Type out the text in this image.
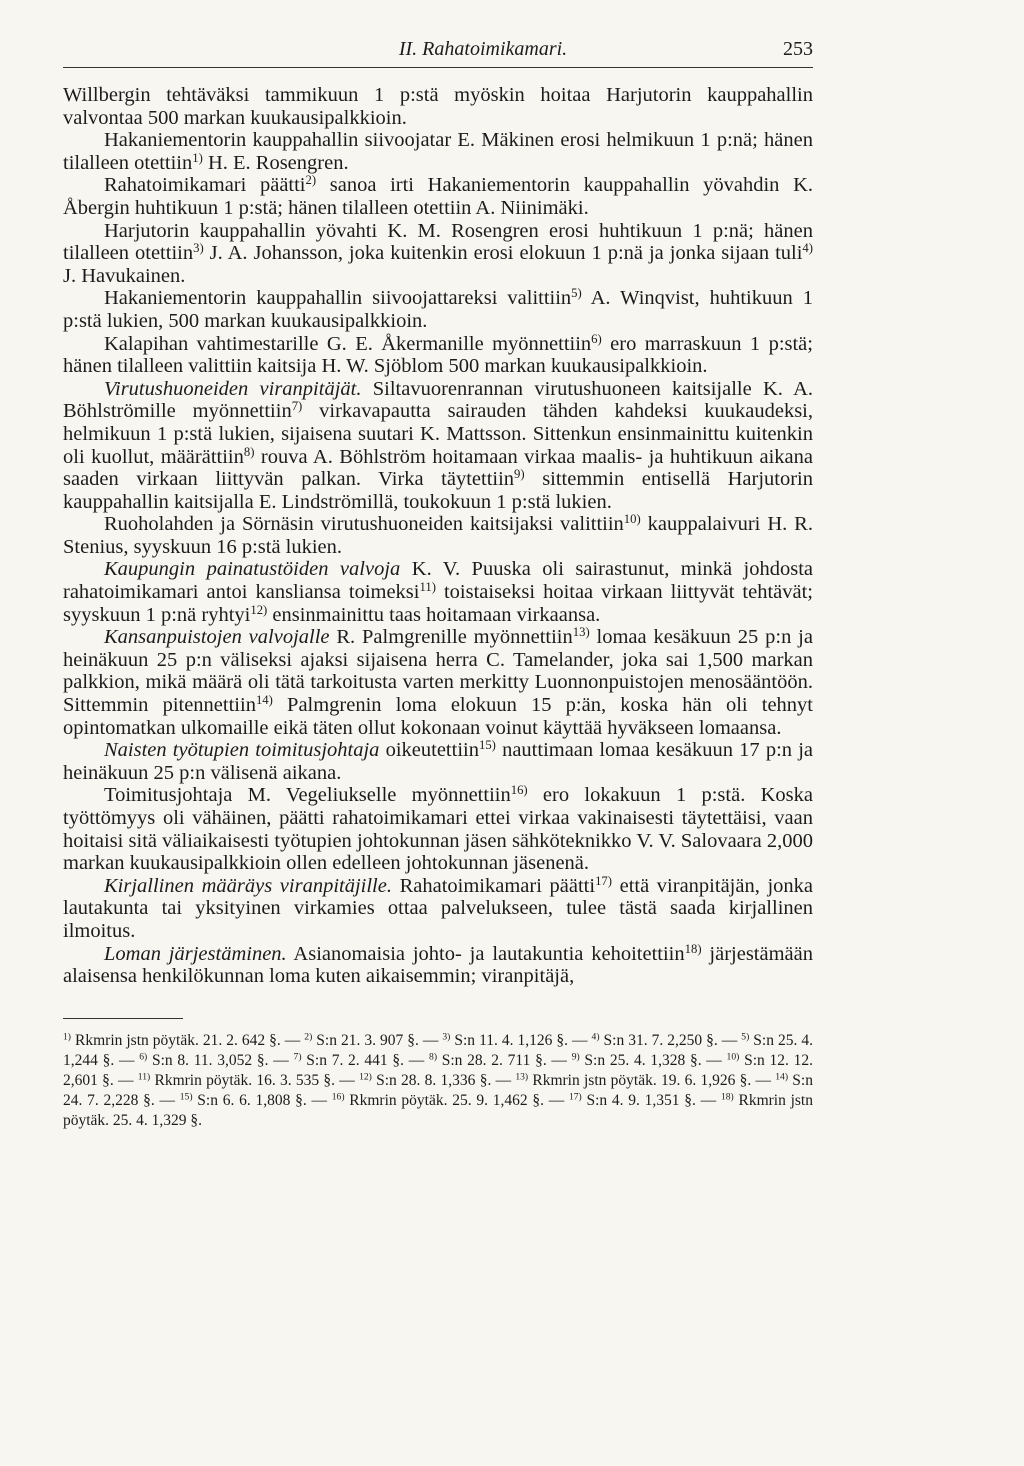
II. Rahatoimikamari.	253

Willbergin tehtäväksi tammikuun 1 p:stä myöskin hoitaa Harjutorin kauppahallin valvontaa 500 markan kuukausipalkkioin.

Hakaniementorin kauppahallin siivoojatar E. Mäkinen erosi helmikuun 1 p:nä; hänen tilalleen otettiin$^{1)}$ H. E. Rosengren.

Rahatoimikamari päätti$^{2)}$ sanoa irti Hakaniementorin kauppahallin yövahdin K. Åbergin huhtikuun 1 p:stä; hänen tilalleen otettiin A. Niinimäki.

Harjutorin kauppahallin yövahti K. M. Rosengren erosi huhtikuun 1 p:nä; hänen tilalleen otettiin$^{3)}$ J. A. Johansson, joka kuitenkin erosi elokuun 1 p:nä ja jonka sijaan tuli$^{4)}$ J. Havukainen.

Hakaniementorin kauppahallin siivoojattareksi valittiin$^{5)}$ A. Winqvist, huhtikuun 1 p:stä lukien, 500 markan kuukausipalkkioin.

Kalapihan vahtimestarille G. E. Åkermanille myönnettiin$^{6)}$ ero marraskuun 1 p:stä; hänen tilalleen valittiin kaitsija H. W. Sjöblom 500 markan kuukausipalkkioin.

Virutushuoneiden viranpitäjät. Siltavuorenrannan virutushuoneen kaitsijalle K. A. Böhlströmille myönnettiin$^{7)}$ virkavapautta sairauden tähden kahdeksi kuukaudeksi, helmikuun 1 p:stä lukien, sijaisena suutari K. Mattsson. Sittenkun ensinmainittu kuitenkin oli kuollut, määrättiin$^{8)}$ rouva A. Böhlström hoitamaan virkaa maalis- ja huhtikuun aikana saaden virkaan liittyvän palkan. Virka täytettiin$^{9)}$ sittemmin entisellä Harjutorin kauppahallin kaitsijalla E. Lindströmillä, toukokuun 1 p:stä lukien.

Ruoholahden ja Sörnäsin virutushuoneiden kaitsijaksi valittiin$^{10)}$ kauppalaivuri H. R. Stenius, syyskuun 16 p:stä lukien.

Kaupungin painatustöiden valvoja K. V. Puuska oli sairastunut, minkä johdosta rahatoimikamari antoi kansliansa toimeksi$^{11)}$ toistaiseksi hoitaa virkaan liittyvät tehtävät; syyskuun 1 p:nä ryhtyi$^{12)}$ ensinmainittu taas hoitamaan virkaansa.

Kansanpuistojen valvojalle R. Palmgrenille myönnettiin$^{13)}$ lomaa kesäkuun 25 p:n ja heinäkuun 25 p:n väliseksi ajaksi sijaisena herra C. Tamelander, joka sai 1,500 markan palkkion, mikä määrä oli tätä tarkoitusta varten merkitty Luonnonpuistojen menosääntöön. Sittemmin pitennettiin$^{14)}$ Palmgrenin loma elokuun 15 p:än, koska hän oli tehnyt opintomatkan ulkomaille eikä täten ollut kokonaan voinut käyttää hyväkseen lomaansa.

Naisten työtupien toimitusjohtaja oikeutettiin$^{15)}$ nauttimaan lomaa kesäkuun 17 p:n ja heinäkuun 25 p:n välisenä aikana.

Toimitusjohtaja M. Vegeliukselle myönnettiin$^{16)}$ ero lokakuun 1 p:stä. Koska työttömyys oli vähäinen, päätti rahatoimikamari ettei virkaa vakinaisesti täytettäisi, vaan hoitaisi sitä väliaikaisesti työtupien johtokunnan jäsen sähköteknikko V. V. Salovaara 2,000 markan kuukausipalkkioin ollen edelleen johtokunnan jäsenenä.

Kirjallinen määräys viranpitäjille. Rahatoimikamari päätti$^{17)}$ että viranpitäjän, jonka lautakunta tai yksityinen virkamies ottaa palvelukseen, tulee tästä saada kirjallinen ilmoitus.

Loman järjestäminen. Asianomaisia johto- ja lautakuntia kehoitettiin$^{18)}$ järjestämään alaisensa henkilökunnan loma kuten aikaisemmin; viranpitäjä,

$^{1)}$ Rkmrin jstn pöytäk. 21. 2. 642 §. — $^{2)}$ S:n 21. 3. 907 §. — $^{3)}$ S:n 11. 4. 1,126 §. — $^{4)}$ S:n 31. 7. 2,250 §. — $^{5)}$ S:n 25. 4. 1,244 §. — $^{6)}$ S:n 8. 11. 3,052 §. — $^{7)}$ S:n 7. 2. 441 §. — $^{8)}$ S:n 28. 2. 711 §. — $^{9)}$ S:n 25. 4. 1,328 §. — $^{10)}$ S:n 12. 12. 2,601 §. — $^{11)}$ Rkmrin pöytäk. 16. 3. 535 §. — $^{12)}$ S:n 28. 8. 1,336 §. — $^{13)}$ Rkmrin jstn pöytäk. 19. 6. 1,926 §. — $^{14)}$ S:n 24. 7. 2,228 §. — $^{15)}$ S:n 6. 6. 1,808 §. — $^{16)}$ Rkmrin pöytäk. 25. 9. 1,462 §. — $^{17)}$ S:n 4. 9. 1,351 §. — $^{18)}$ Rkmrin jstn pöytäk. 25. 4. 1,329 §.
